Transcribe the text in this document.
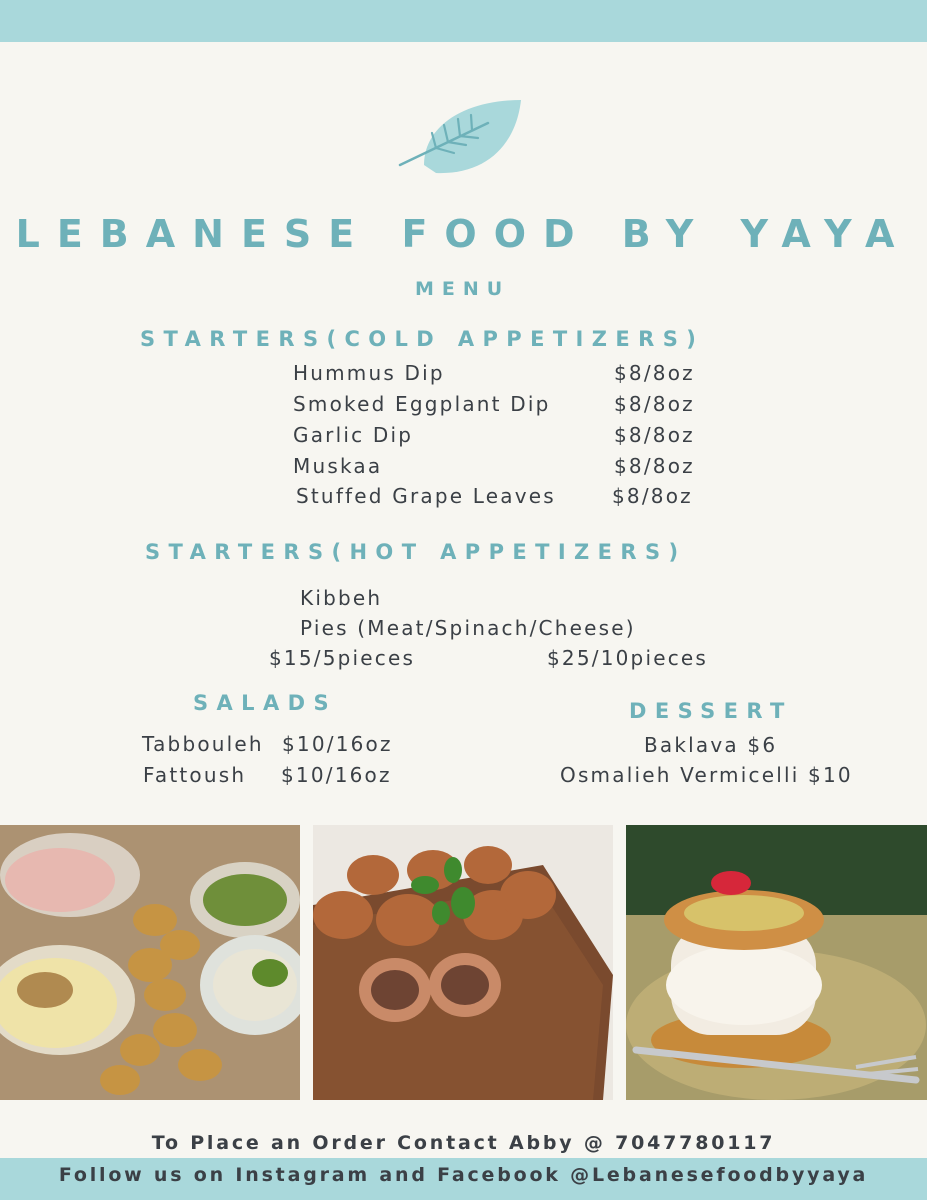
LEBANESE FOOD BY YAYA
MENU
STARTERS(COLD APPETIZERS)
Hummus Dip	$8/8oz
Smoked Eggplant Dip	$8/8oz
Garlic Dip	$8/8oz
Muskaa	$8/8oz
Stuffed Grape Leaves	$8/8oz
STARTERS(HOT APPETIZERS)
Kibbeh
Pies (Meat/Spinach/Cheese)
$15/5pieces	$25/10pieces
SALADS
Tabbouleh $10/16oz
Fattoush $10/16oz
DESSERT
Baklava $6
Osmalieh Vermicelli $10
To Place an Order Contact Abby @ 7047780117
Follow us on Instagram and Facebook @Lebanesefoodbyyaya
